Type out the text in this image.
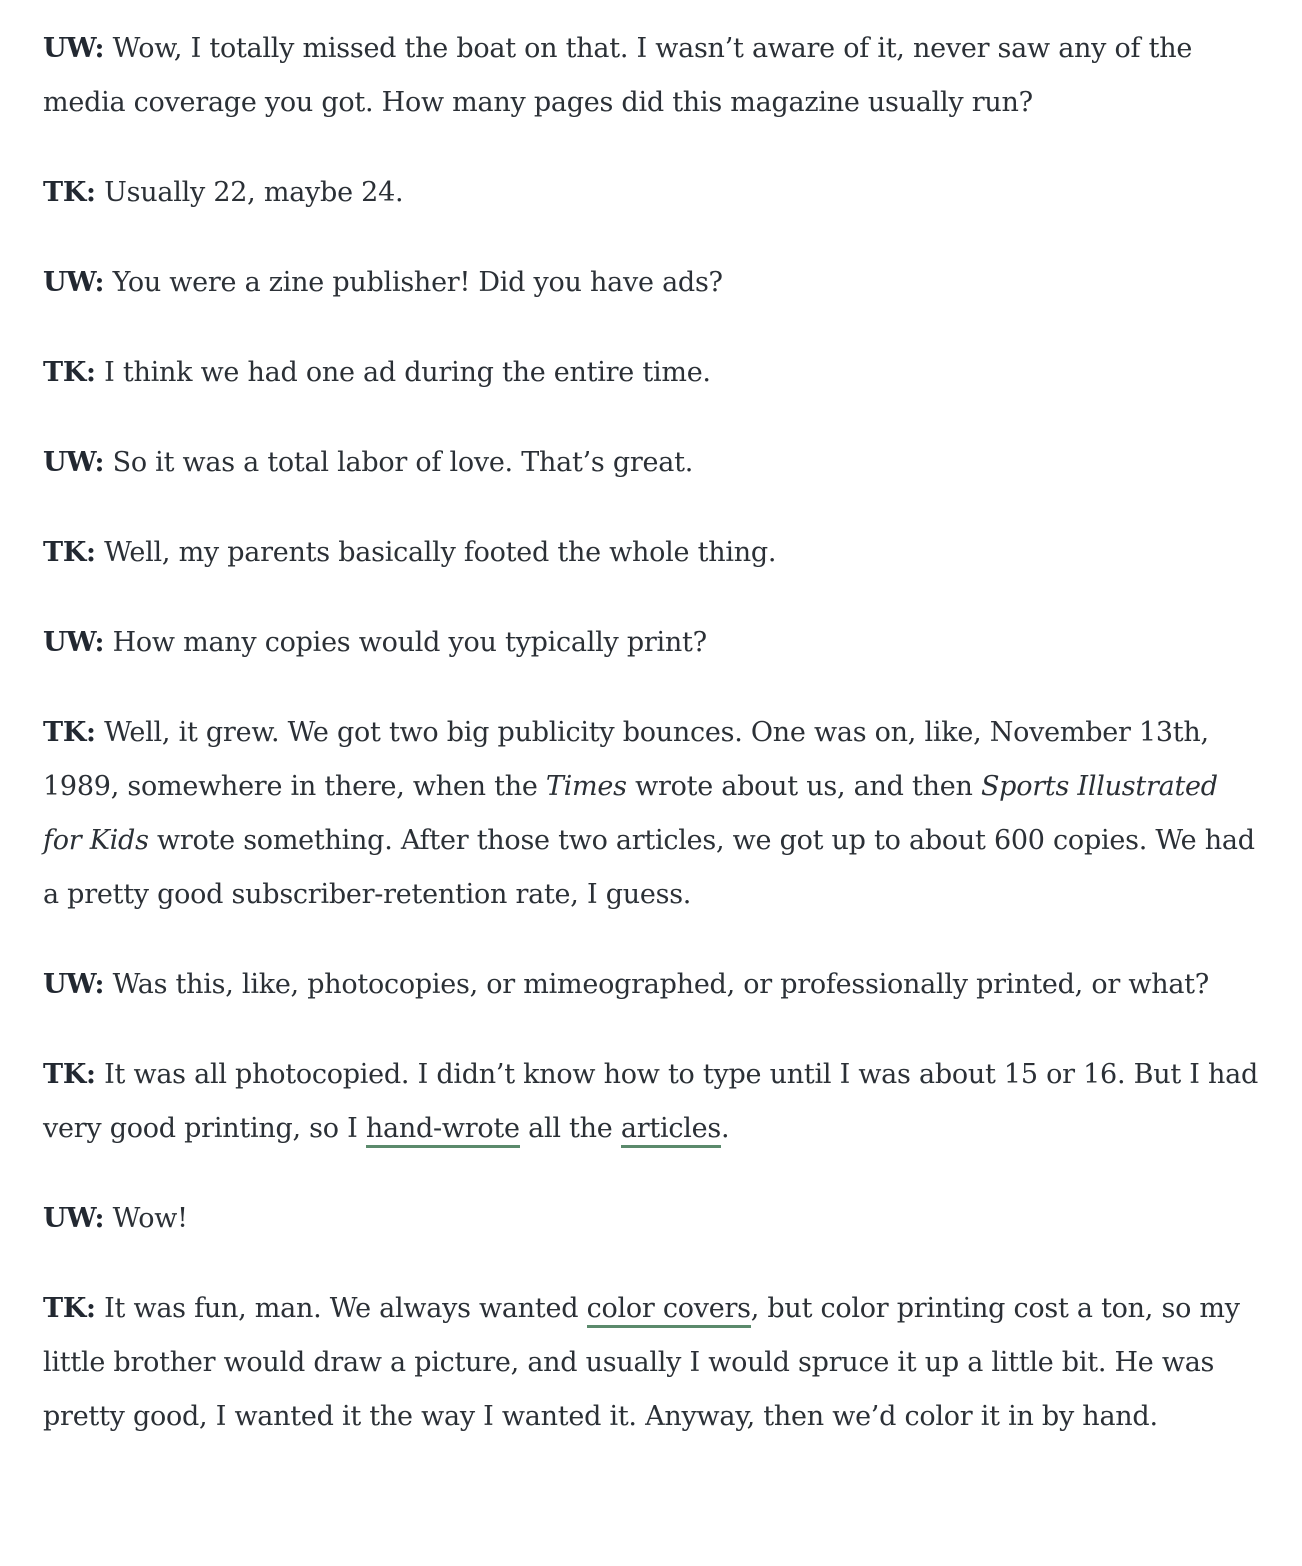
UW: Wow, I totally missed the boat on that. I wasn’t aware of it, never saw any of the media coverage you got. How many pages did this magazine usually run?

TK: Usually 22, maybe 24.

UW: You were a zine publisher! Did you have ads?

TK: I think we had one ad during the entire time.

UW: So it was a total labor of love. That’s great.

TK: Well, my parents basically footed the whole thing.

UW: How many copies would you typically print?

TK: Well, it grew. We got two big publicity bounces. One was on, like, November 13th, 1989, somewhere in there, when the Times wrote about us, and then Sports Illustrated for Kids wrote something. After those two articles, we got up to about 600 copies. We had a pretty good subscriber-retention rate, I guess.

UW: Was this, like, photocopies, or mimeographed, or professionally printed, or what?

TK: It was all photocopied. I didn’t know how to type until I was about 15 or 16. But I had very good printing, so I hand-wrote all the articles.

UW: Wow!

TK: It was fun, man. We always wanted color covers, but color printing cost a ton, so my little brother would draw a picture, and usually I would spruce it up a little bit. He was pretty good, I wanted it the way I wanted it. Anyway, then we’d color it in by hand.
